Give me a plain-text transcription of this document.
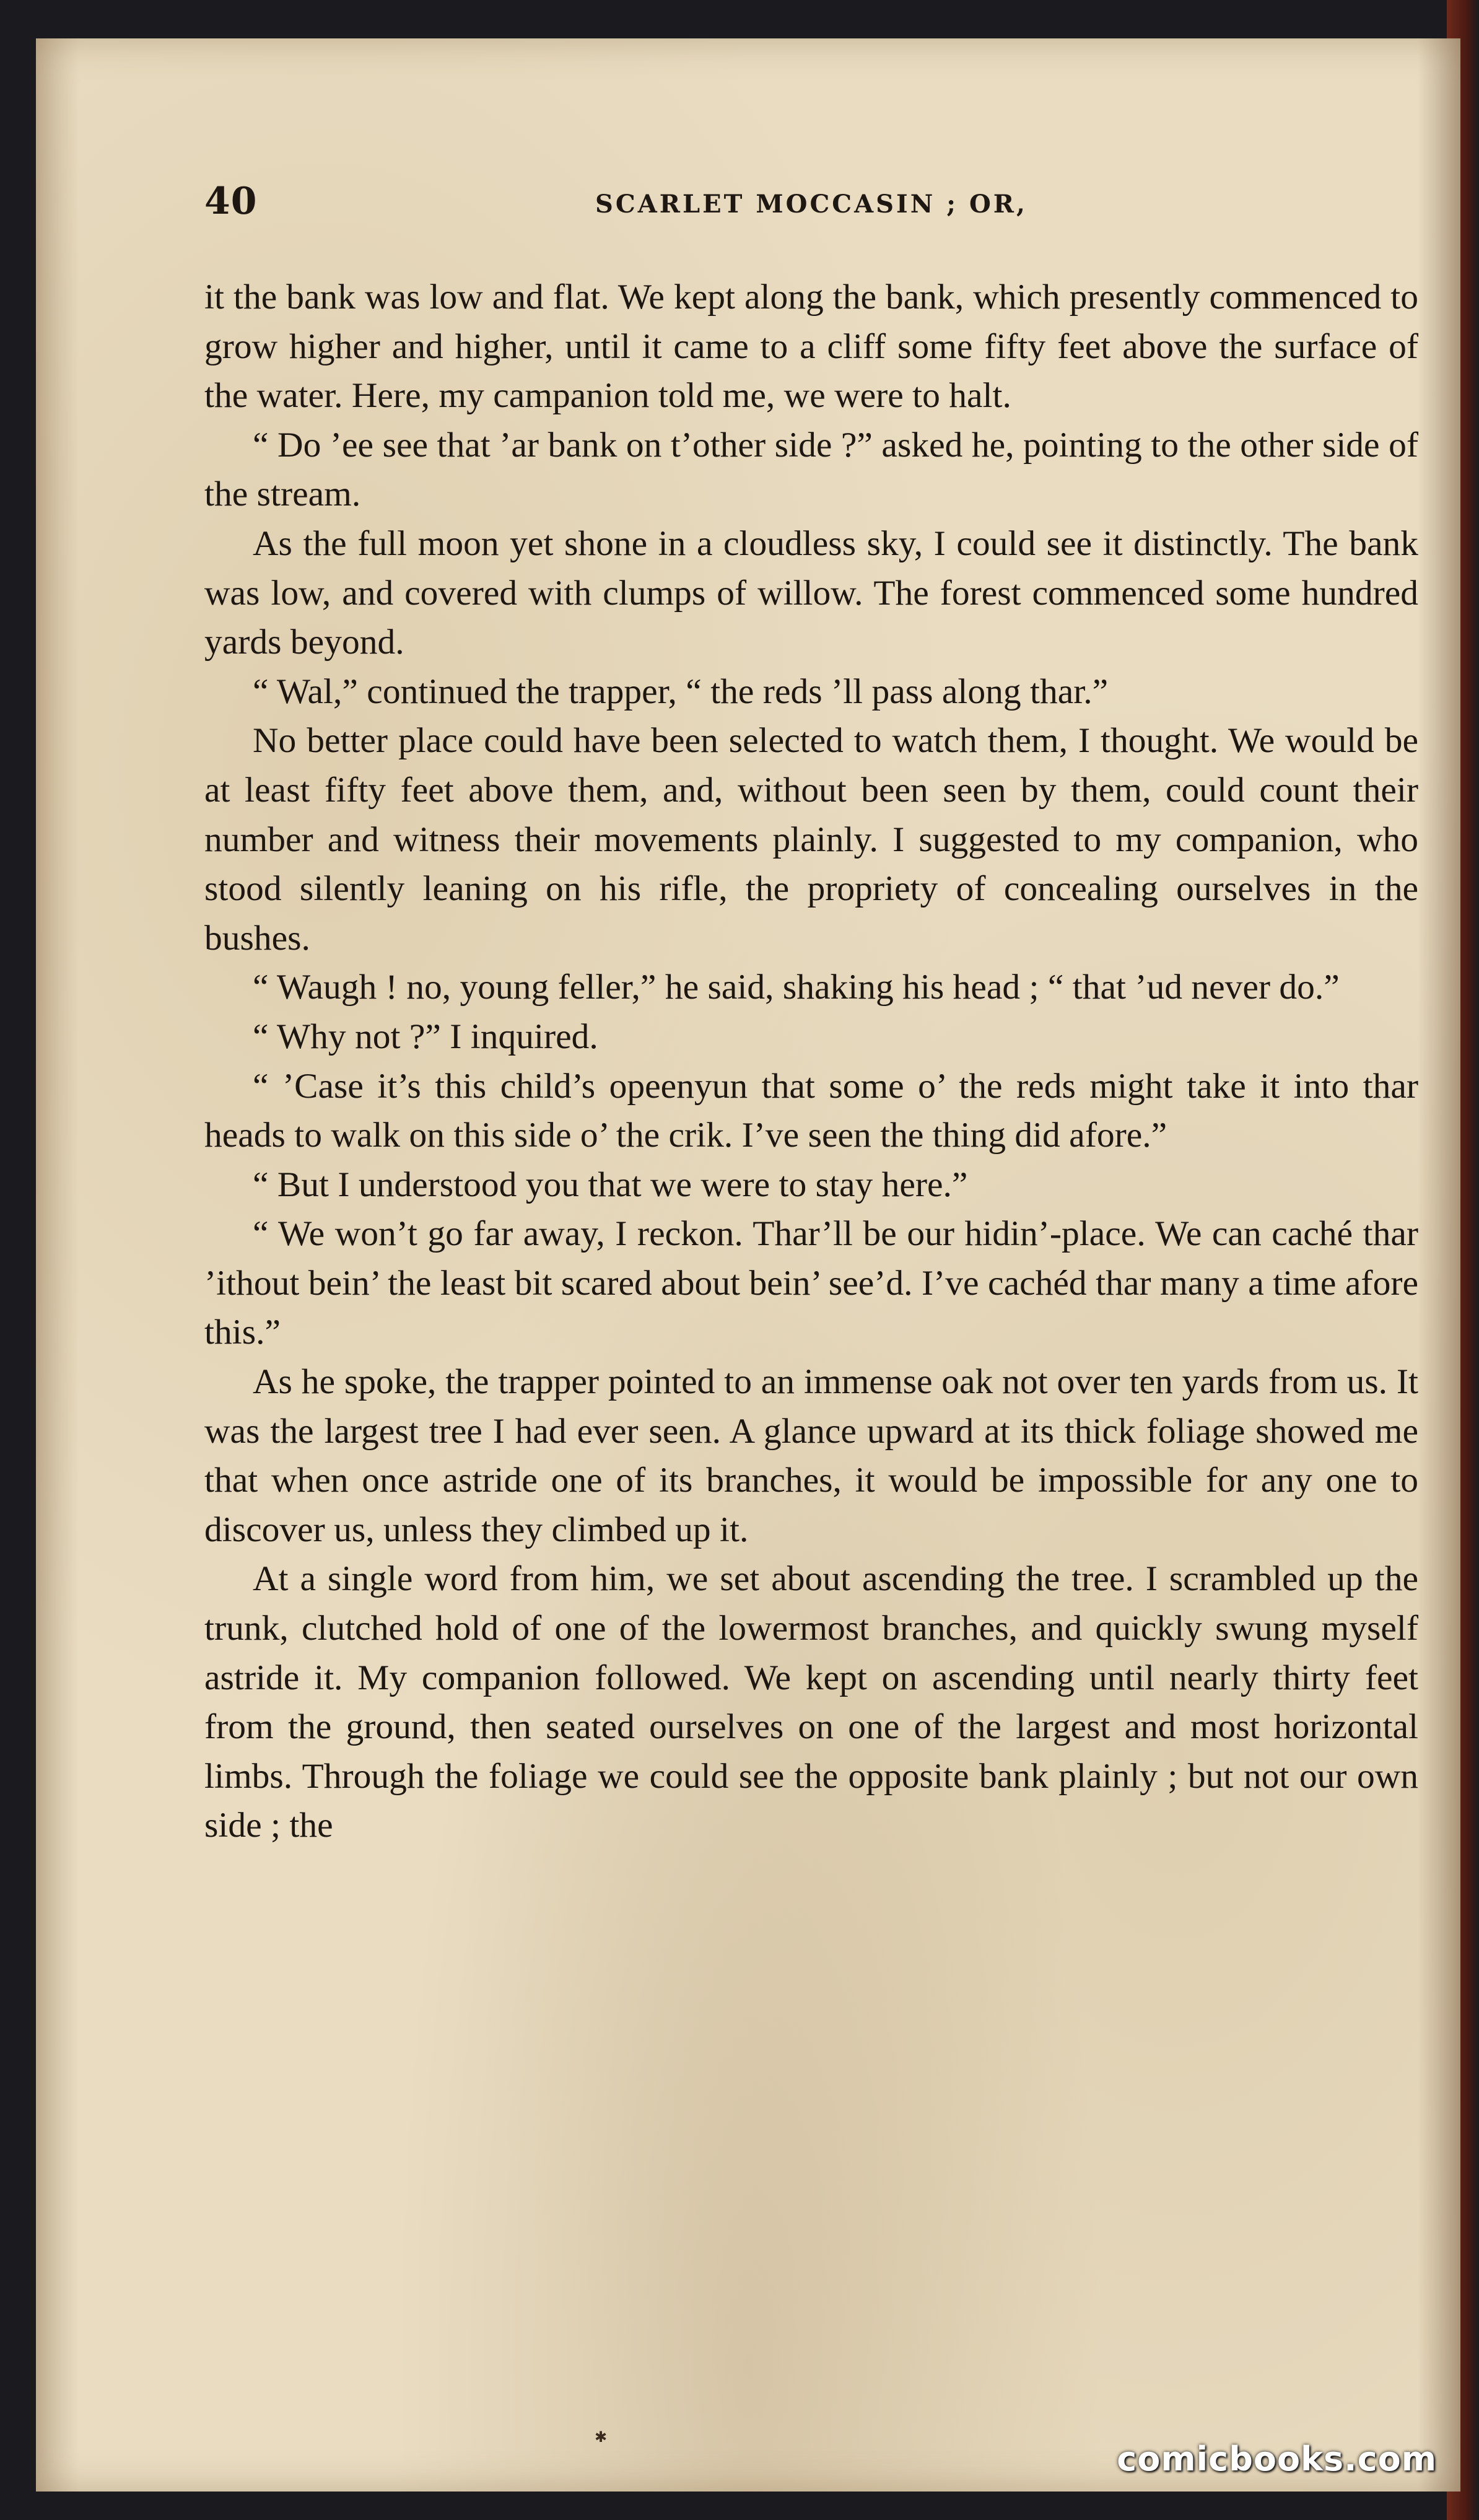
40	SCARLET MOCCASIN ; OR,

it the bank was low and flat. We kept along the bank, which presently commenced to grow higher and higher, until it came to a cliff some fifty feet above the surface of the water. Here, my campanion told me, we were to halt.

“ Do ’ee see that ’ar bank on t’other side ?” asked he, pointing to the other side of the stream.

As the full moon yet shone in a cloudless sky, I could see it distinctly. The bank was low, and covered with clumps of willow. The forest commenced some hundred yards beyond.

“ Wal,” continued the trapper, “ the reds ’ll pass along thar.”

No better place could have been selected to watch them, I thought. We would be at least fifty feet above them, and, without been seen by them, could count their number and witness their movements plainly. I suggested to my companion, who stood silently leaning on his rifle, the propriety of concealing ourselves in the bushes.

“ Waugh ! no, young feller,” he said, shaking his head ; “ that ’ud never do.”

“ Why not ?” I inquired.

“ ’Case it’s this child’s opeenyun that some o’ the reds might take it into thar heads to walk on this side o’ the crik. I’ve seen the thing did afore.”

“ But I understood you that we were to stay here.”

“ We won’t go far away, I reckon. Thar’ll be our hidin’-place. We can caché thar ’ithout bein’ the least bit scared about bein’ see’d. I’ve cachéd thar many a time afore this.”

As he spoke, the trapper pointed to an immense oak not over ten yards from us. It was the largest tree I had ever seen. A glance upward at its thick foliage showed me that when once astride one of its branches, it would be impossible for any one to discover us, unless they climbed up it.

At a single word from him, we set about ascending the tree. I scrambled up the trunk, clutched hold of one of the lowermost branches, and quickly swung myself astride it. My companion followed. We kept on ascending until nearly thirty feet from the ground, then seated ourselves on one of the largest and most horizontal limbs. Through the foliage we could see the opposite bank plainly ; but not our own side ; the

✱
comicbooks.com
